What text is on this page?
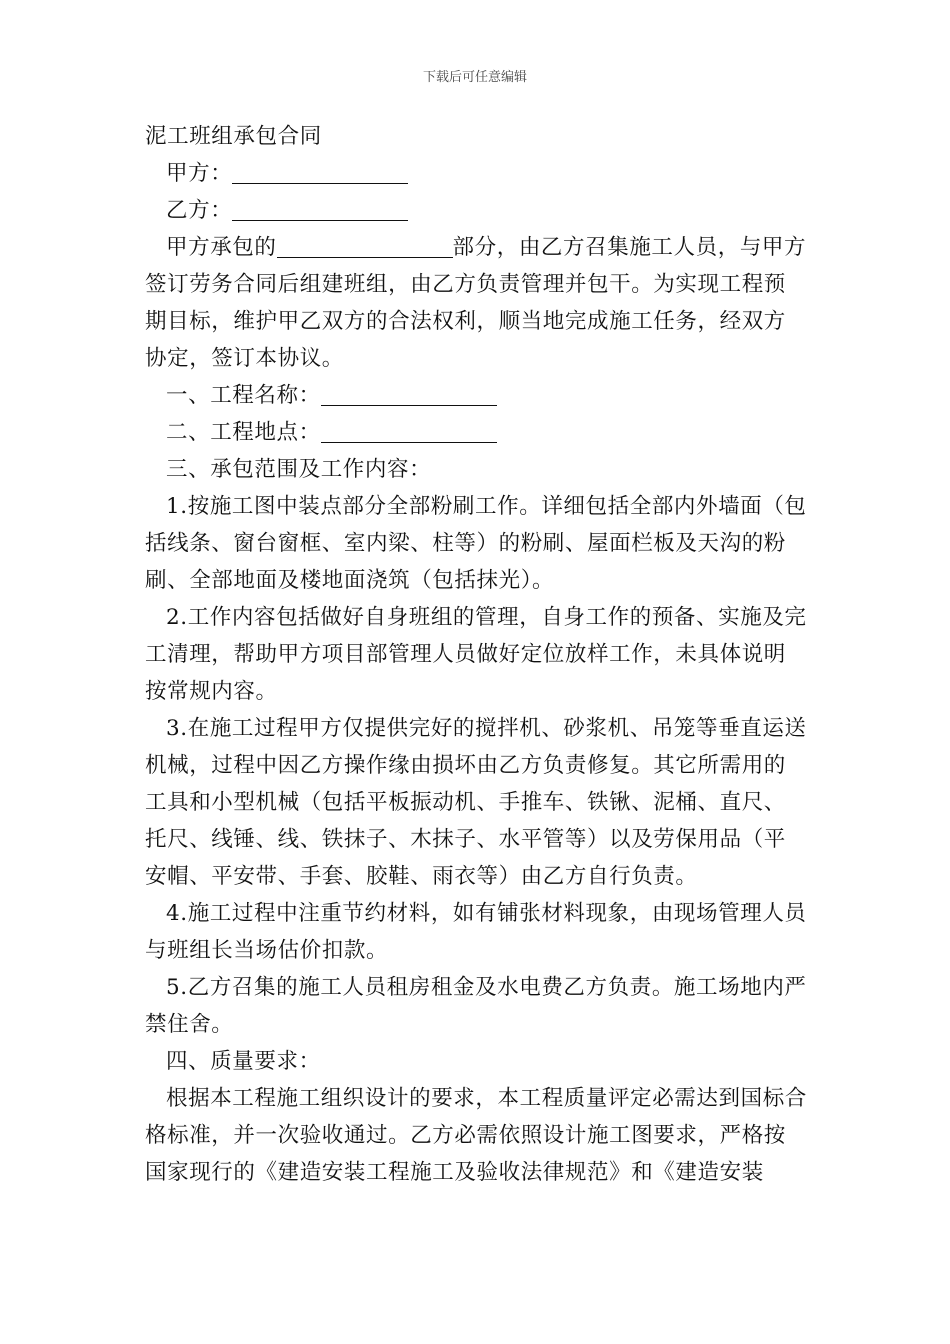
下载后可任意编辑

泥工班组承包合同

甲方：

乙方：

甲方承包的	部分，由乙方召集施工人员，与甲方签订劳务合同后组建班组，由乙方负责管理并包干。为实现工程预期目标，维护甲乙双方的合法权利，顺当地完成施工任务，经双方协定，签订本协议。

一、工程名称：

二、工程地点：

三、承包范围及工作内容：

1.按施工图中装点部分全部粉刷工作。详细包括全部内外墙面（包括线条、窗台窗框、室内梁、柱等）的粉刷、屋面栏板及天沟的粉刷、全部地面及楼地面浇筑（包括抹光）。

2.工作内容包括做好自身班组的管理，自身工作的预备、实施及完工清理，帮助甲方项目部管理人员做好定位放样工作，未具体说明按常规内容。

3.在施工过程甲方仅提供完好的搅拌机、砂浆机、吊笼等垂直运送机械，过程中因乙方操作缘由损坏由乙方负责修复。其它所需用的工具和小型机械（包括平板振动机、手推车、铁锹、泥桶、直尺、托尺、线锤、线、铁抹子、木抹子、水平管等）以及劳保用品（平安帽、平安带、手套、胶鞋、雨衣等）由乙方自行负责。

4.施工过程中注重节约材料，如有铺张材料现象，由现场管理人员与班组长当场估价扣款。

5.乙方召集的施工人员租房租金及水电费乙方负责。施工场地内严禁住舍。

四、质量要求：

根据本工程施工组织设计的要求，本工程质量评定必需达到国标合格标准，并一次验收通过。乙方必需依照设计施工图要求，严格按国家现行的《建造安装工程施工及验收法律规范》和《建造安装
